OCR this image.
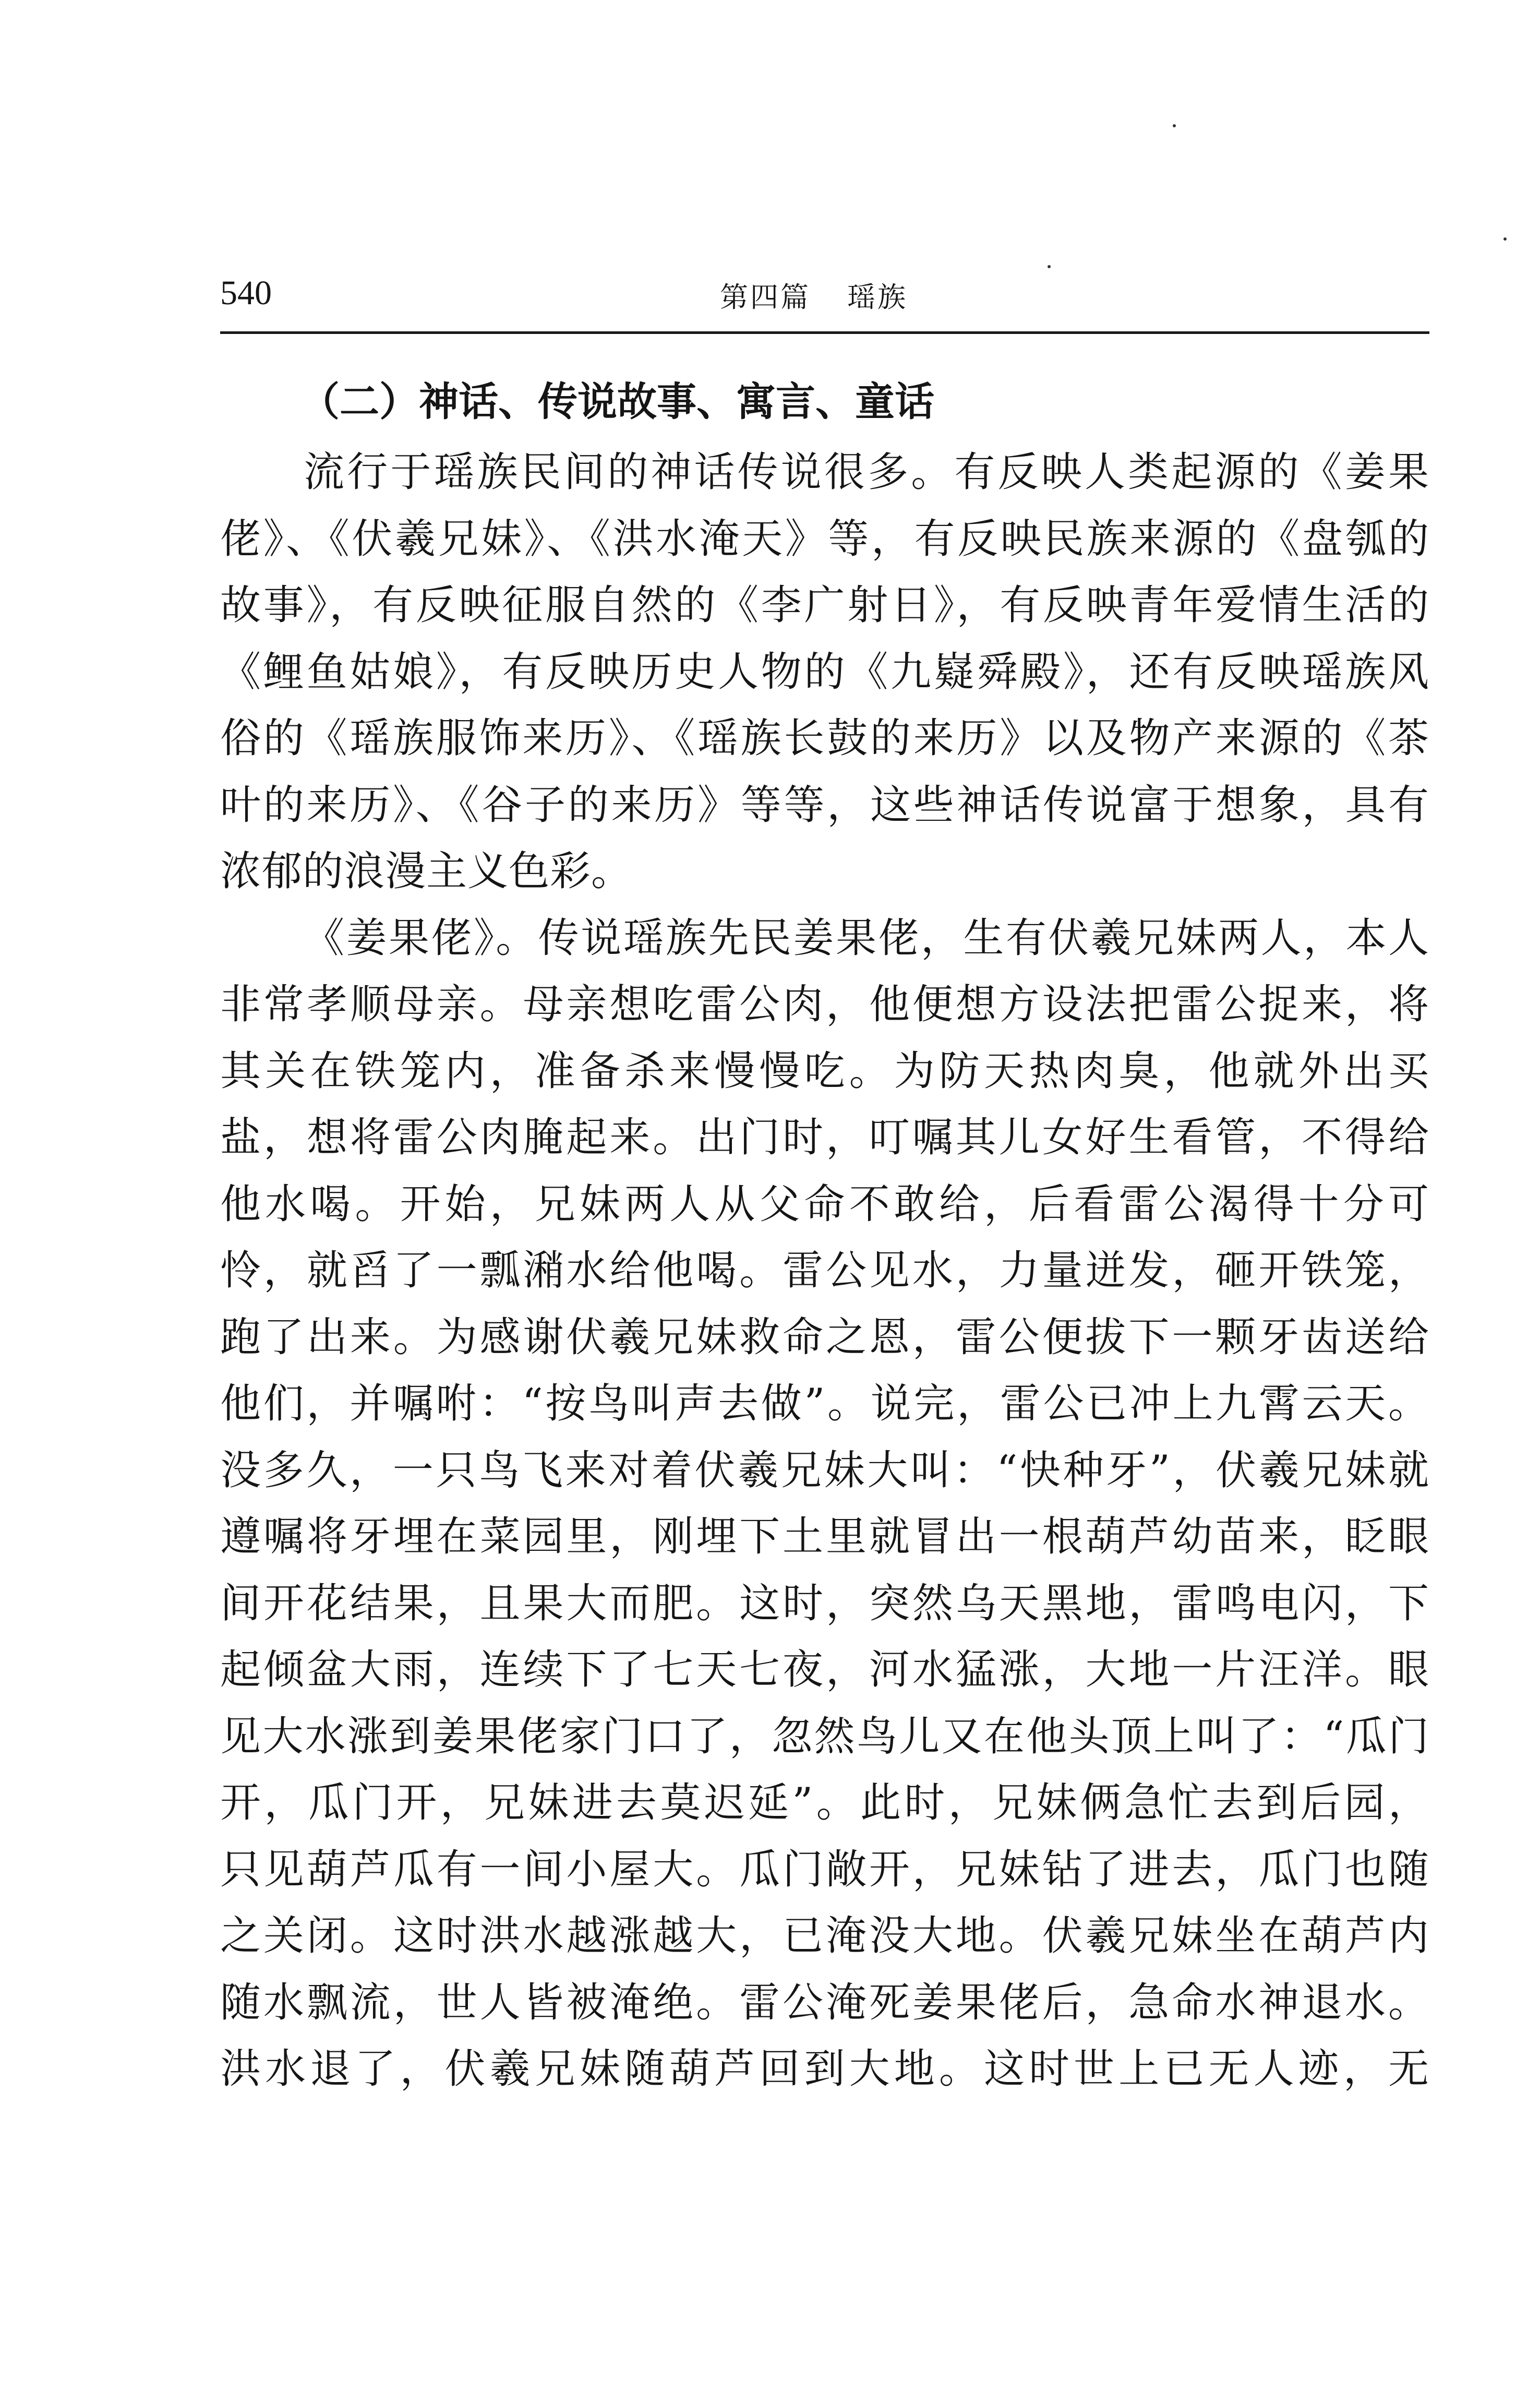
540	第四篇 瑶族
（二）神话、传说故事、寓言、童话
流行于瑶族民间的神话传说很多。有反映人类起源的《姜果
佬》、《伏羲兄妹》、《洪水淹天》等，有反映民族来源的《盘瓠的
故事》，有反映征服自然的《李广射日》，有反映青年爱情生活的
《鲤鱼姑娘》，有反映历史人物的《九嶷舜殿》，还有反映瑶族风
俗的《瑶族服饰来历》、《瑶族长鼓的来历》以及物产来源的《茶
叶的来历》、《谷子的来历》等等，这些神话传说富于想象，具有
浓郁的浪漫主义色彩。
《姜果佬》。传说瑶族先民姜果佬，生有伏羲兄妹两人，本人
非常孝顺母亲。母亲想吃雷公肉，他便想方设法把雷公捉来，将
其关在铁笼内，准备杀来慢慢吃。为防天热肉臭，他就外出买
盐，想将雷公肉腌起来。出门时，叮嘱其儿女好生看管，不得给
他水喝。开始，兄妹两人从父命不敢给，后看雷公渴得十分可
怜，就舀了一瓢潲水给他喝。雷公见水，力量迸发，砸开铁笼，
跑了出来。为感谢伏羲兄妹救命之恩，雷公便拔下一颗牙齿送给
他们，并嘱咐：“按鸟叫声去做”。说完，雷公已冲上九霄云天。
没多久，一只鸟飞来对着伏羲兄妹大叫：“快种牙”，伏羲兄妹就
遵嘱将牙埋在菜园里，刚埋下土里就冒出一根葫芦幼苗来，眨眼
间开花结果，且果大而肥。这时，突然乌天黑地，雷鸣电闪，下
起倾盆大雨，连续下了七天七夜，河水猛涨，大地一片汪洋。眼
见大水涨到姜果佬家门口了，忽然鸟儿又在他头顶上叫了：“瓜门
开，瓜门开，兄妹进去莫迟延”。此时，兄妹俩急忙去到后园，
只见葫芦瓜有一间小屋大。瓜门敞开，兄妹钻了进去，瓜门也随
之关闭。这时洪水越涨越大，已淹没大地。伏羲兄妹坐在葫芦内
随水飘流，世人皆被淹绝。雷公淹死姜果佬后，急命水神退水。
洪水退了，伏羲兄妹随葫芦回到大地。这时世上已无人迹，无
